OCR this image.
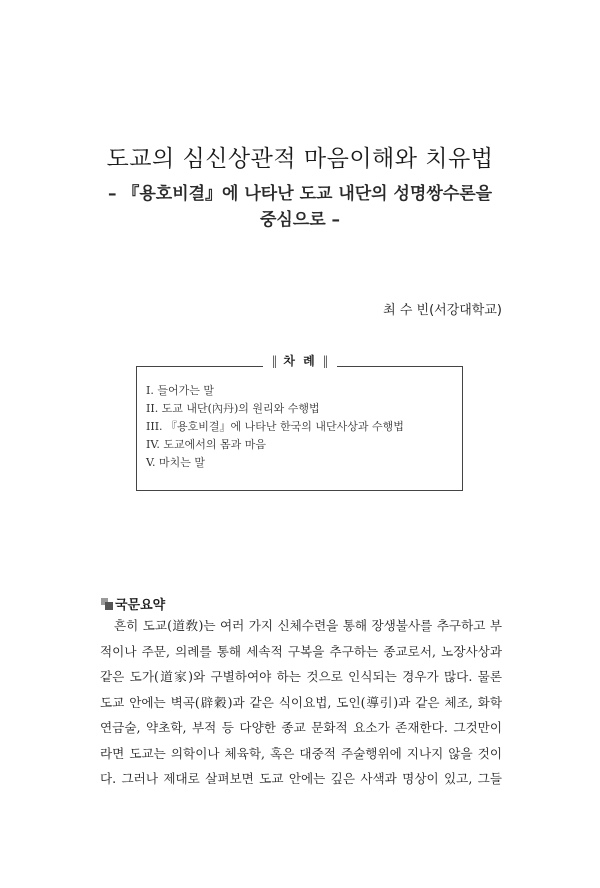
도교의 심신상관적 마음이해와 치유법
– 『용호비결』에 나타난 도교 내단의 성명쌍수론을
중심으로 –
최 수 빈(서강대학교)
‖ 차 례 ‖
I. 들어가는 말
II. 도교 내단(內丹)의 원리와 수행법
III. 『용호비결』에 나타난 한국의 내단사상과 수행법
IV. 도교에서의 몸과 마음
V. 마치는 말
국문요약
흔히 도교(道敎)는 여러 가지 신체수련을 통해 장생불사를 추구하고 부
적이나 주문, 의례를 통해 세속적 구복을 추구하는 종교로서, 노장사상과
같은 도가(道家)와 구별하여야 하는 것으로 인식되는 경우가 많다. 물론
도교 안에는 벽곡(辟穀)과 같은 식이요법, 도인(導引)과 같은 체조, 화학
연금술, 약초학, 부적 등 다양한 종교 문화적 요소가 존재한다. 그것만이
라면 도교는 의학이나 체육학, 혹은 대중적 주술행위에 지나지 않을 것이
다. 그러나 제대로 살펴보면 도교 안에는 깊은 사색과 명상이 있고, 그들
